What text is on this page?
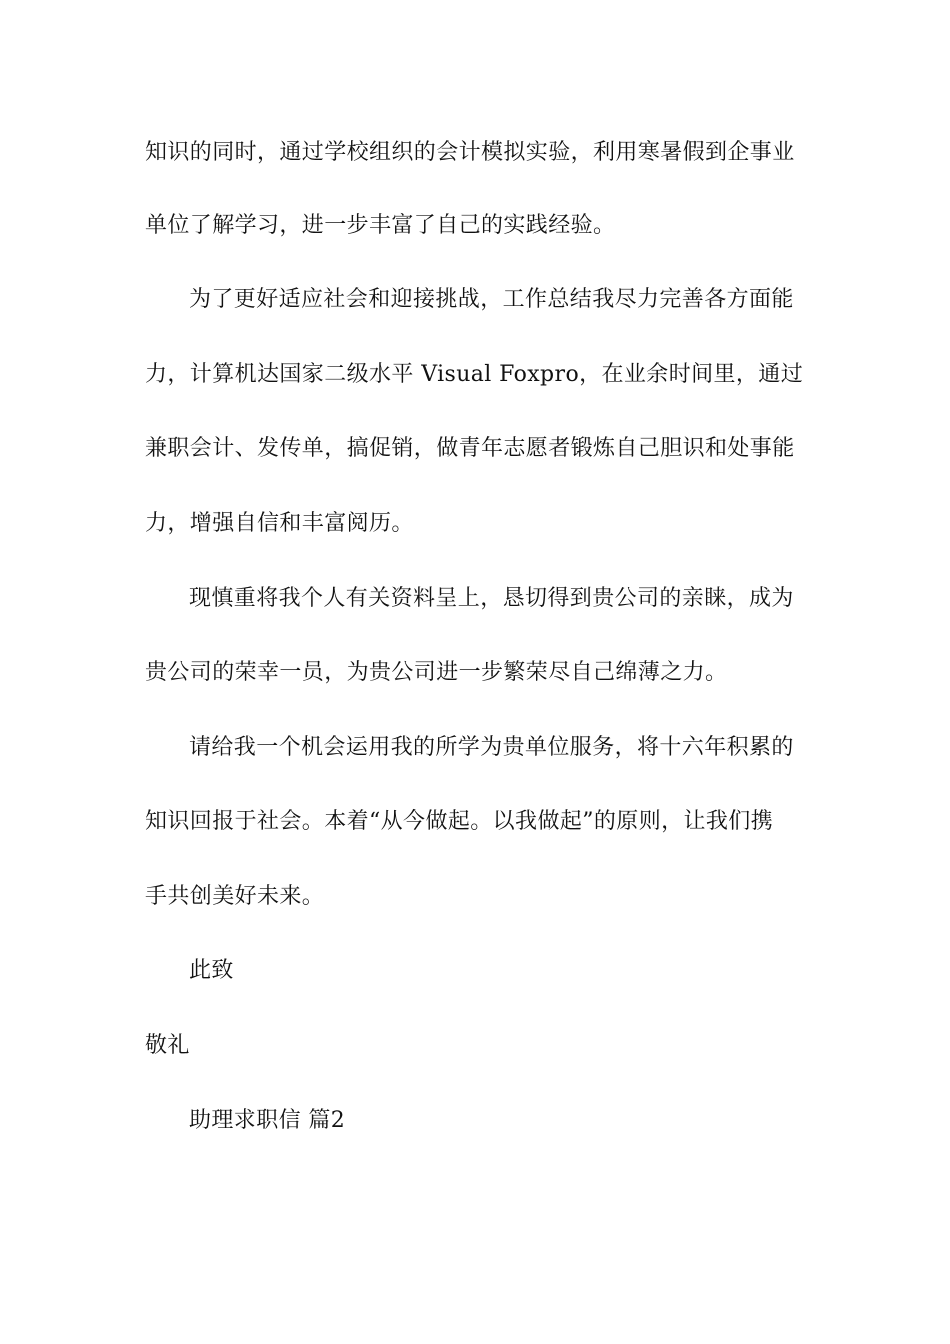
知识的同时，通过学校组织的会计模拟实验，利用寒暑假到企事业
单位了解学习，进一步丰富了自己的实践经验。
为了更好适应社会和迎接挑战，工作总结我尽力完善各方面能
力，计算机达国家二级水平 Visual Foxpro，在业余时间里，通过
兼职会计、发传单，搞促销，做青年志愿者锻炼自己胆识和处事能
力，增强自信和丰富阅历。
现慎重将我个人有关资料呈上，恳切得到贵公司的亲睐，成为
贵公司的荣幸一员，为贵公司进一步繁荣尽自己绵薄之力。
请给我一个机会运用我的所学为贵单位服务，将十六年积累的
知识回报于社会。本着“从今做起。以我做起”的原则，让我们携
手共创美好未来。
此致
敬礼
助理求职信 篇2
